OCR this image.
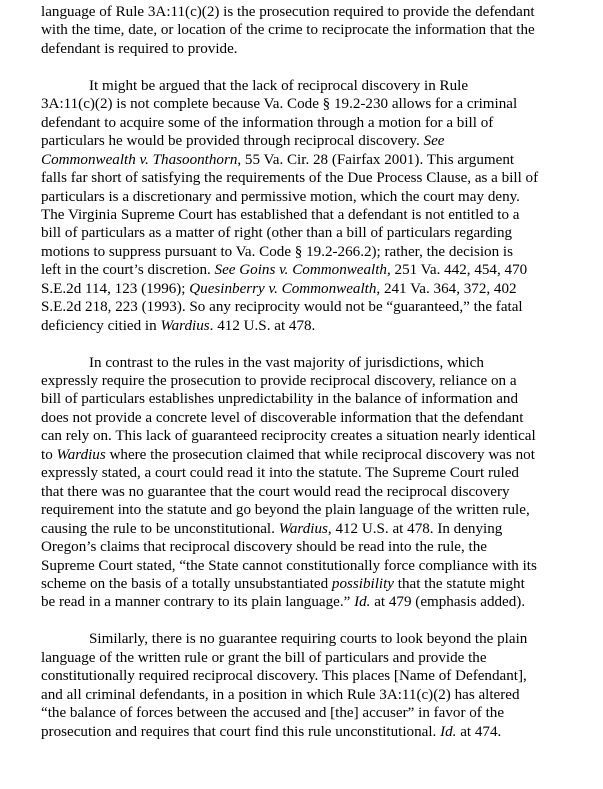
language of Rule 3A:11(c)(2) is the prosecution required to provide the defendant
with the time, date, or location of the crime to reciprocate the information that the
defendant is required to provide.
It might be argued that the lack of reciprocal discovery in Rule
3A:11(c)(2) is not complete because Va. Code § 19.2-230 allows for a criminal
defendant to acquire some of the information through a motion for a bill of
particulars he would be provided through reciprocal discovery. See
Commonwealth v. Thasoonthorn, 55 Va. Cir. 28 (Fairfax 2001). This argument
falls far short of satisfying the requirements of the Due Process Clause, as a bill of
particulars is a discretionary and permissive motion, which the court may deny.
The Virginia Supreme Court has established that a defendant is not entitled to a
bill of particulars as a matter of right (other than a bill of particulars regarding
motions to suppress pursuant to Va. Code § 19.2-266.2); rather, the decision is
left in the court’s discretion. See Goins v. Commonwealth, 251 Va. 442, 454, 470
S.E.2d 114, 123 (1996); Quesinberry v. Commonwealth, 241 Va. 364, 372, 402
S.E.2d 218, 223 (1993). So any reciprocity would not be “guaranteed,” the fatal
deficiency citied in Wardius. 412 U.S. at 478.
In contrast to the rules in the vast majority of jurisdictions, which
expressly require the prosecution to provide reciprocal discovery, reliance on a
bill of particulars establishes unpredictability in the balance of information and
does not provide a concrete level of discoverable information that the defendant
can rely on. This lack of guaranteed reciprocity creates a situation nearly identical
to Wardius where the prosecution claimed that while reciprocal discovery was not
expressly stated, a court could read it into the statute. The Supreme Court ruled
that there was no guarantee that the court would read the reciprocal discovery
requirement into the statute and go beyond the plain language of the written rule,
causing the rule to be unconstitutional. Wardius, 412 U.S. at 478. In denying
Oregon’s claims that reciprocal discovery should be read into the rule, the
Supreme Court stated, “the State cannot constitutionally force compliance with its
scheme on the basis of a totally unsubstantiated possibility that the statute might
be read in a manner contrary to its plain language.” Id. at 479 (emphasis added).
Similarly, there is no guarantee requiring courts to look beyond the plain
language of the written rule or grant the bill of particulars and provide the
constitutionally required reciprocal discovery. This places [Name of Defendant],
and all criminal defendants, in a position in which Rule 3A:11(c)(2) has altered
“the balance of forces between the accused and [the] accuser” in favor of the
prosecution and requires that court find this rule unconstitutional. Id. at 474.
